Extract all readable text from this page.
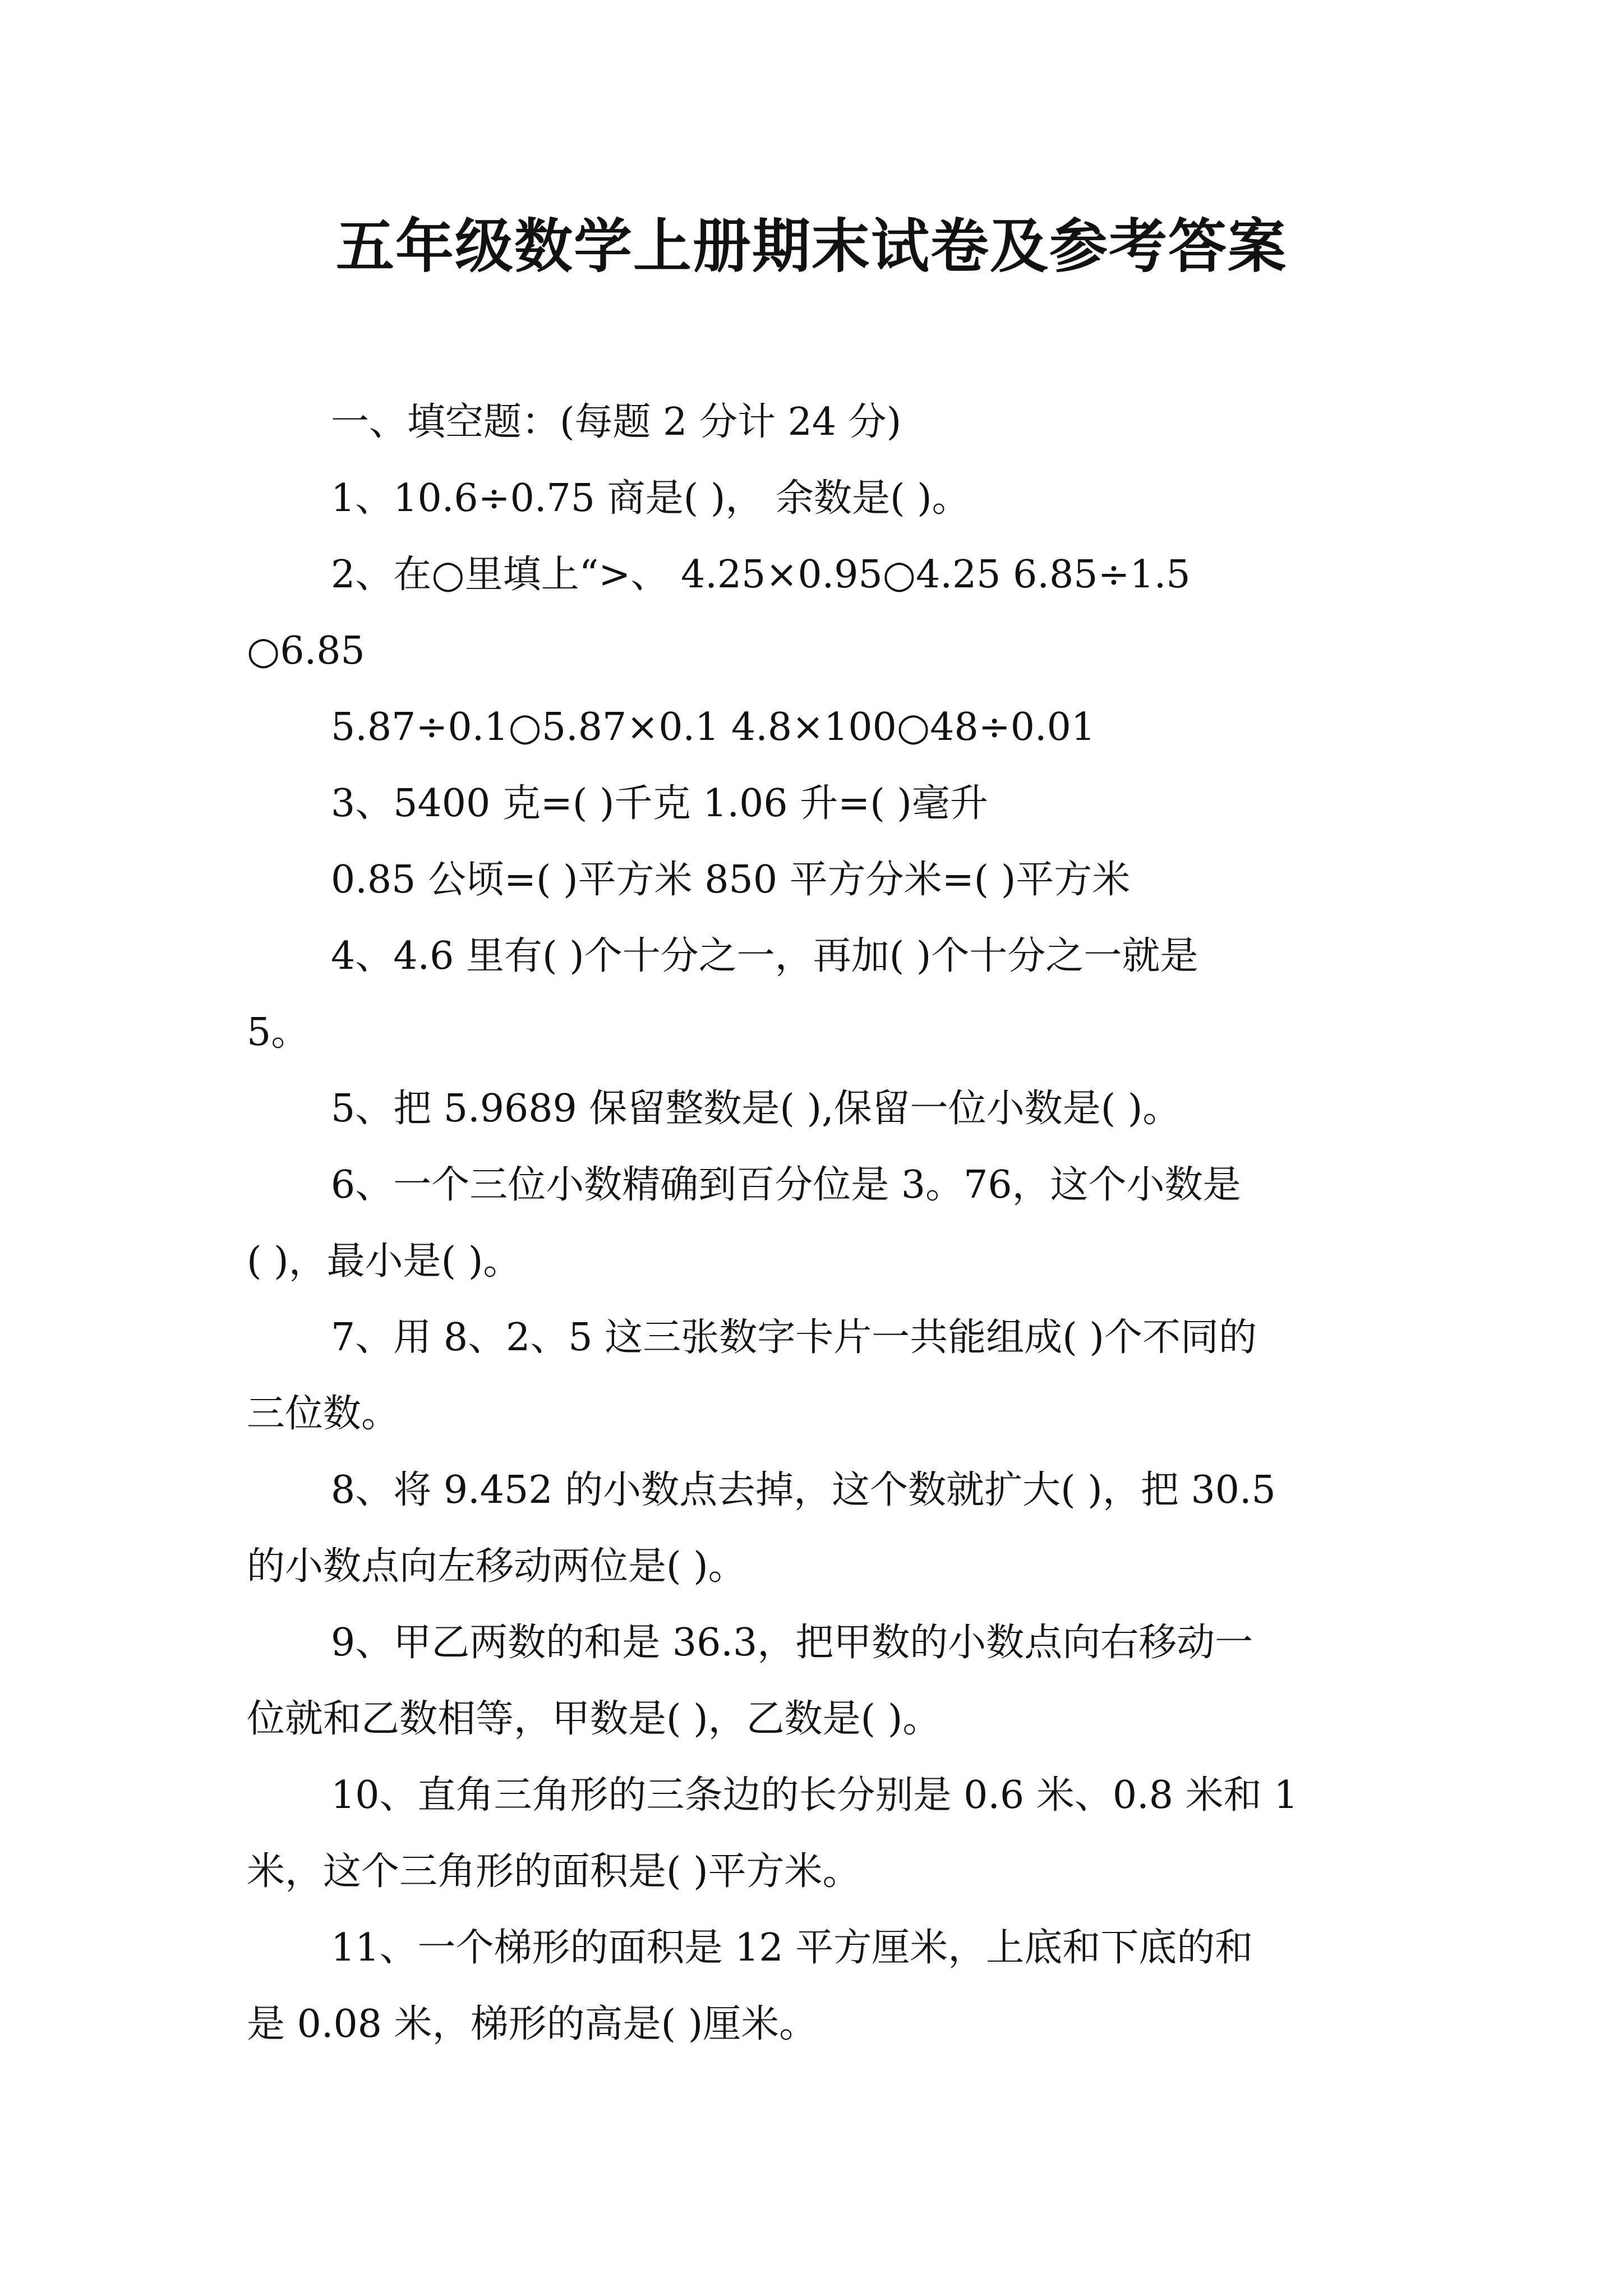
五年级数学上册期末试卷及参考答案
一、填空题：(每题 2 分计 24 分)
1、10.6÷0.75 商是( )， 余数是( )。
2、在○里填上“>、 4.25×0.95○4.25 6.85÷1.5
○6.85
5.87÷0.1○5.87×0.1 4.8×100○48÷0.01
3、5400 克=( )千克 1.06 升=( )毫升
0.85 公顷=( )平方米 850 平方分米=( )平方米
4、4.6 里有( )个十分之一，再加( )个十分之一就是
5。
5、把 5.9689 保留整数是( ),保留一位小数是( )。
6、一个三位小数精确到百分位是 3。76，这个小数是
( )，最小是( )。
7、用 8、2、5 这三张数字卡片一共能组成( )个不同的
三位数。
8、将 9.452 的小数点去掉，这个数就扩大( )，把 30.5
的小数点向左移动两位是( )。
9、甲乙两数的和是 36.3，把甲数的小数点向右移动一
位就和乙数相等，甲数是( )，乙数是( )。
10、直角三角形的三条边的长分别是 0.6 米、0.8 米和 1
米，这个三角形的面积是( )平方米。
11、一个梯形的面积是 12 平方厘米，上底和下底的和
是 0.08 米，梯形的高是( )厘米。
